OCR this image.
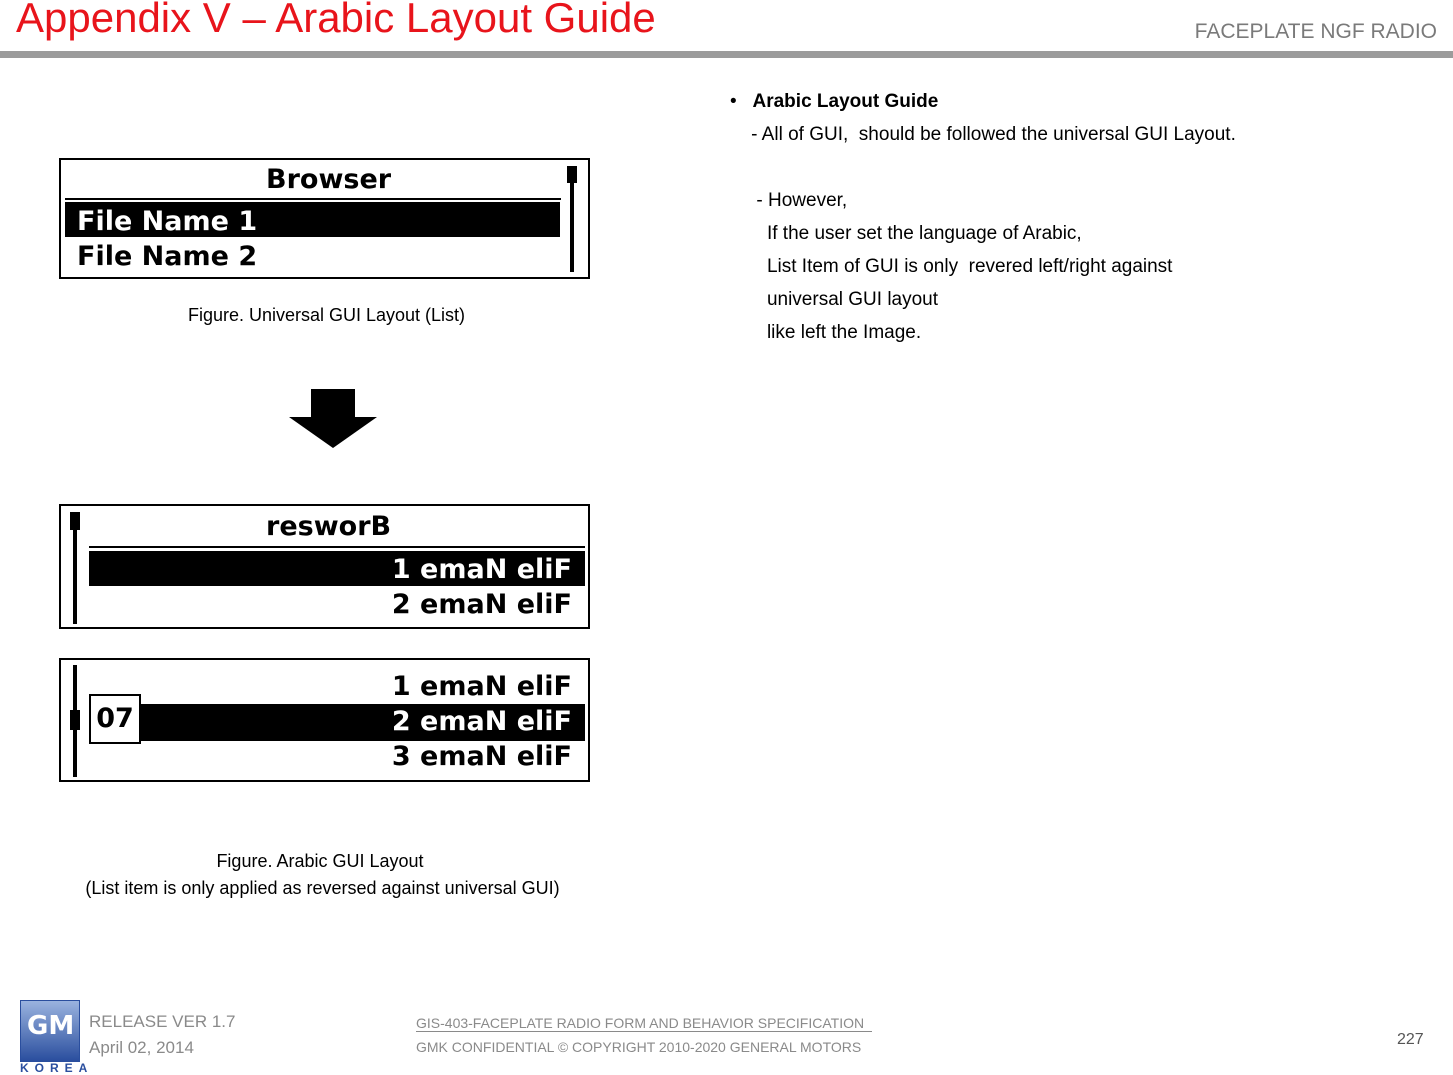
Appendix V – Arabic Layout Guide	FACEPLATE NGF RADIO
Browser
File Name 1
File Name 2
Figure. Universal GUI Layout (List)
resworB
1 emaN eliF
2 emaN eliF
1 emaN eliF
2 emaN eliF
3 emaN eliF
07
Figure. Arabic GUI Layout
(List item is only applied as reversed against universal GUI)
• Arabic Layout Guide
- All of GUI,  should be followed the universal GUI Layout.

- However,
If the user set the language of Arabic,
List Item of GUI is only  revered left/right against
universal GUI layout
like left the Image.
GM
KOREA
RELEASE VER 1.7
April 02, 2014
GIS-403-FACEPLATE RADIO FORM AND BEHAVIOR SPECIFICATION
GMK CONFIDENTIAL © COPYRIGHT 2010-2020 GENERAL MOTORS	227
